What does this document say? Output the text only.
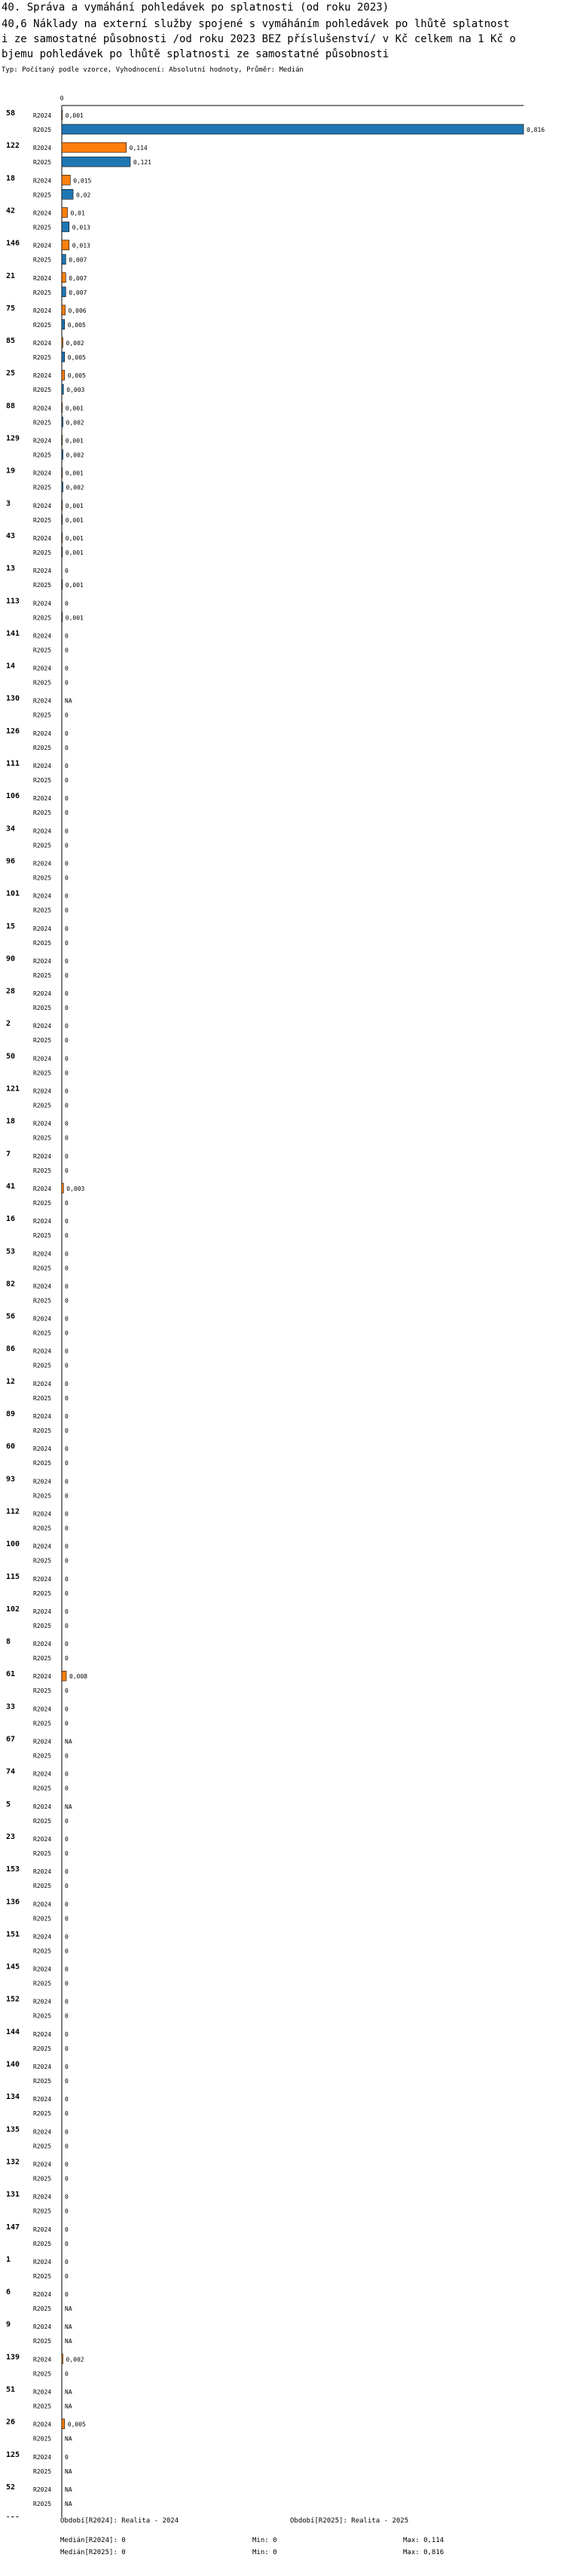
40. Správa a vymáhání pohledávek po splatnosti (od roku 2023)
40,6 Náklady na externí služby spojené s vymáháním pohledávek po lhůtě splatnost
i ze samostatné působnosti /od roku 2023 BEZ příslušenství/ v Kč celkem na 1 Kč o
bjemu pohledávek po lhůtě splatnosti ze samostatné působnosti
Typ: Počítaný podle vzorce, Vyhodnocení: Absolutní hodnoty, Průměr: Medián
0
58	R2024 0,001
R2025	0,816
122 R2024	0,114
R2025	0,121
18	R2024	0,015
R2025	0,02
42	R2024	0,01
R2025	0,013
146 R2024	0,013
R2025	0,007
21	R2024	0,007
R2025	0,007
75	R2024	0,006
R2025	0,005
85	R2024 0,002
R2025	0,005
25	R2024	0,005
R2025	0,003
88	R2024 0,001
R2025 0,002
129 R2024 0,001
R2025 0,002
19	R2024 0,001
R2025 0,002
3	R2024 0,001
R2025 0,001
43	R2024 0,001
R2025 0,001
13	R2024 0
R2025 0,001
113 R2024 0
R2025 0,001
141 R2024 0
R2025 0
14	R2024 0
R2025 0
130 R2024 NA
R2025 0
126 R2024 0
R2025 0
111 R2024 0
R2025 0
106 R2024 0
R2025 0
34	R2024 0
R2025 0
96	R2024 0
R2025 0
101 R2024 0
R2025 0
15	R2024 0
R2025 0
90	R2024 0
R2025 0
28	R2024 0
R2025 0
2	R2024 0
R2025 0
50	R2024 0
R2025 0
121 R2024 0
R2025 0
18	R2024 0
R2025 0
7	R2024 0
R2025 0
41	R2024	0,003
R2025 0
16	R2024 0
R2025 0
53	R2024 0
R2025 0
82	R2024 0
R2025 0
56	R2024 0
R2025 0
86	R2024 0
R2025 0
12	R2024 0
R2025 0
89	R2024 0
R2025 0
60	R2024 0
R2025 0
93	R2024 0
R2025 0
112 R2024 0
R2025 0
100 R2024 0
R2025 0
115 R2024 0
R2025 0
102 R2024 0
R2025 0
8	R2024 0
R2025 0
61	R2024	0,008
R2025 0
33	R2024 0
R2025 0
67	R2024 NA
R2025 0
74	R2024 0
R2025 0
5	R2024 NA
R2025 0
23	R2024 0
R2025 0
153 R2024 0
R2025 0
136 R2024 0
R2025 0
151 R2024 0
R2025 0
145 R2024 0
R2025 0
152 R2024 0
R2025 0
144 R2024 0
R2025 0
140 R2024 0
R2025 0
134 R2024 0
R2025 0
135 R2024 0
R2025 0
132 R2024 0
R2025 0
131 R2024 0
R2025 0
147 R2024 0
R2025 0
1	R2024 0
R2025 0
6	R2024 0
R2025 NA
9	R2024 NA
R2025 NA
139 R2024 0,002
R2025 0
51	R2024 NA
R2025 NA
26	R2024	0,005
R2025 NA
125 R2024 0
R2025 NA
52	R2024 NA
R2025 NA
Období[R2024]: Realita - 2024	Období[R2025]: Realita - 2025
Medián[R2024]: 0
Medián[R2025]: 0
Min: 0
Min: 0
Max: 0,114
Max: 0,816
